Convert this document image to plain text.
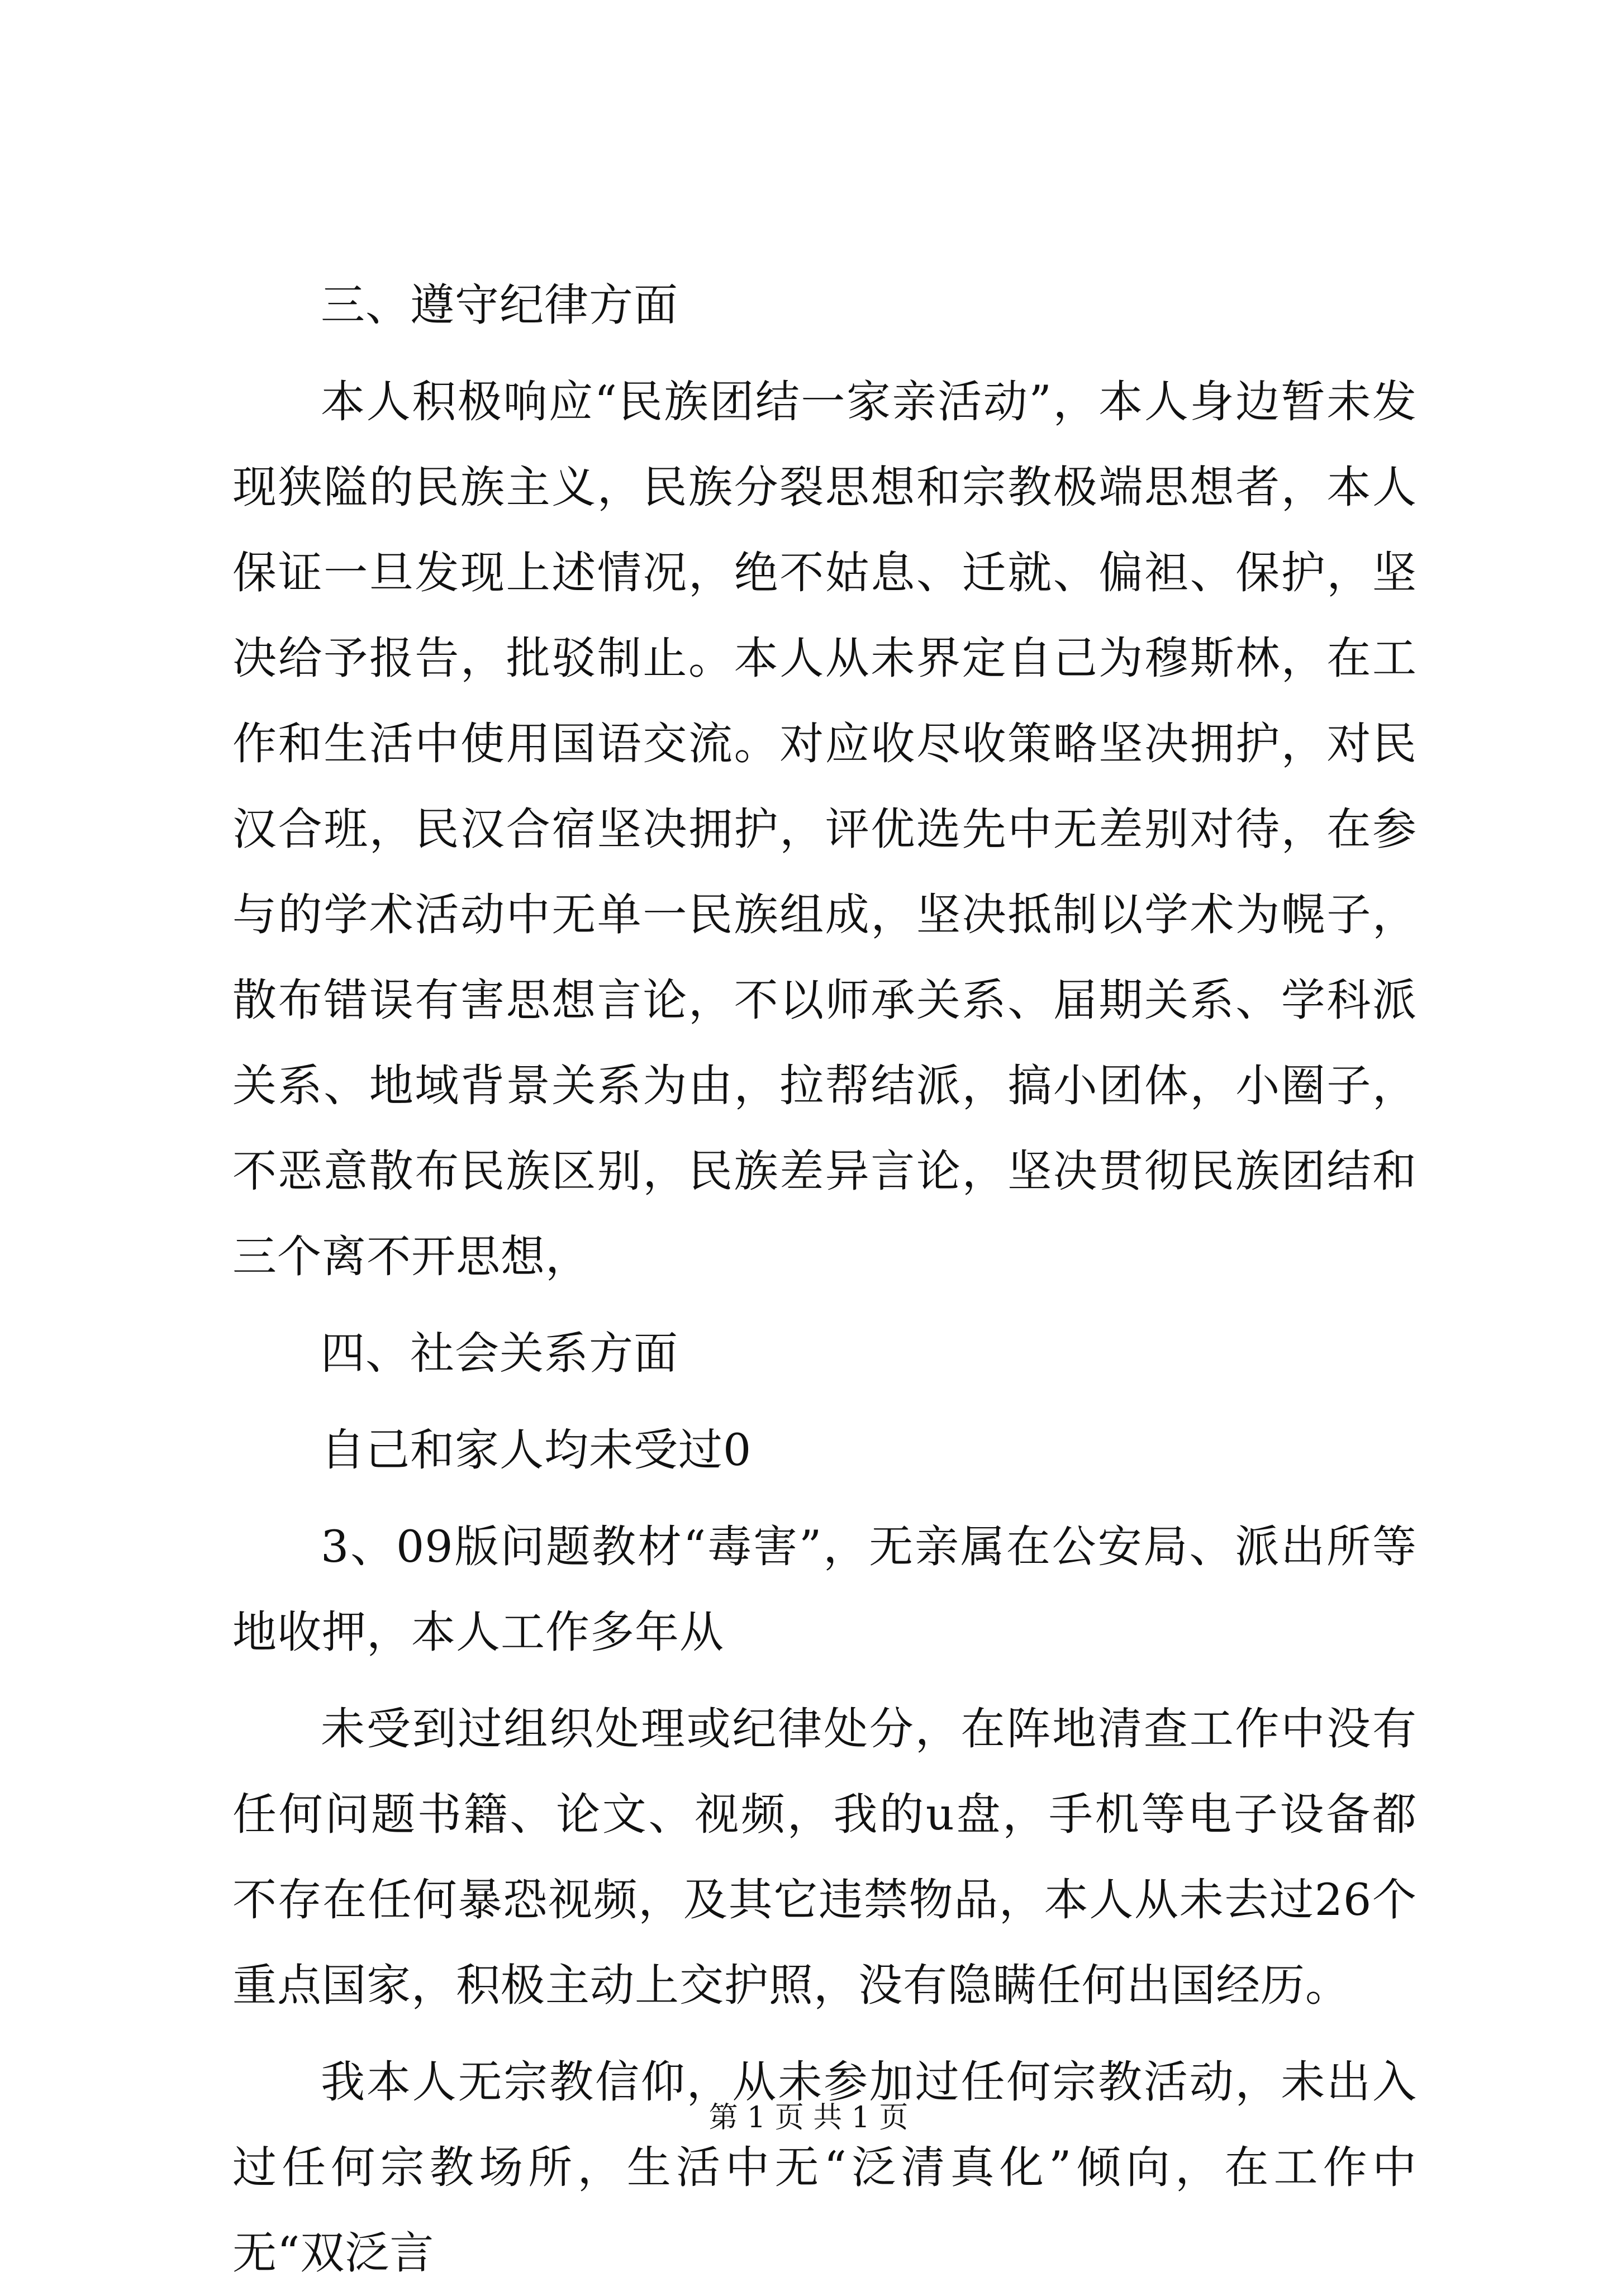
三、遵守纪律方面

本人积极响应“民族团结一家亲活动”，本人身边暂未发现狭隘的民族主义，民族分裂思想和宗教极端思想者，本人保证一旦发现上述情况，绝不姑息、迁就、偏袒、保护，坚决给予报告，批驳制止。本人从未界定自己为穆斯林，在工作和生活中使用国语交流。对应收尽收策略坚决拥护，对民汉合班，民汉合宿坚决拥护，评优选先中无差别对待，在参与的学术活动中无单一民族组成，坚决抵制以学术为幌子，散布错误有害思想言论，不以师承关系、届期关系、学科派关系、地域背景关系为由，拉帮结派，搞小团体，小圈子，不恶意散布民族区别，民族差异言论，坚决贯彻民族团结和三个离不开思想，

四、社会关系方面

自己和家人均未受过0

3、09版问题教材“毒害”，无亲属在公安局、派出所等地收押，本人工作多年从

未受到过组织处理或纪律处分，在阵地清查工作中没有任何问题书籍、论文、视频，我的u盘，手机等电子设备都不存在任何暴恐视频，及其它违禁物品，本人从未去过26个重点国家，积极主动上交护照，没有隐瞒任何出国经历。

我本人无宗教信仰，从未参加过任何宗教活动，未出入过任何宗教场所，生活中无“泛清真化”倾向，在工作中无“双泛言

第 1 页 共 1 页
